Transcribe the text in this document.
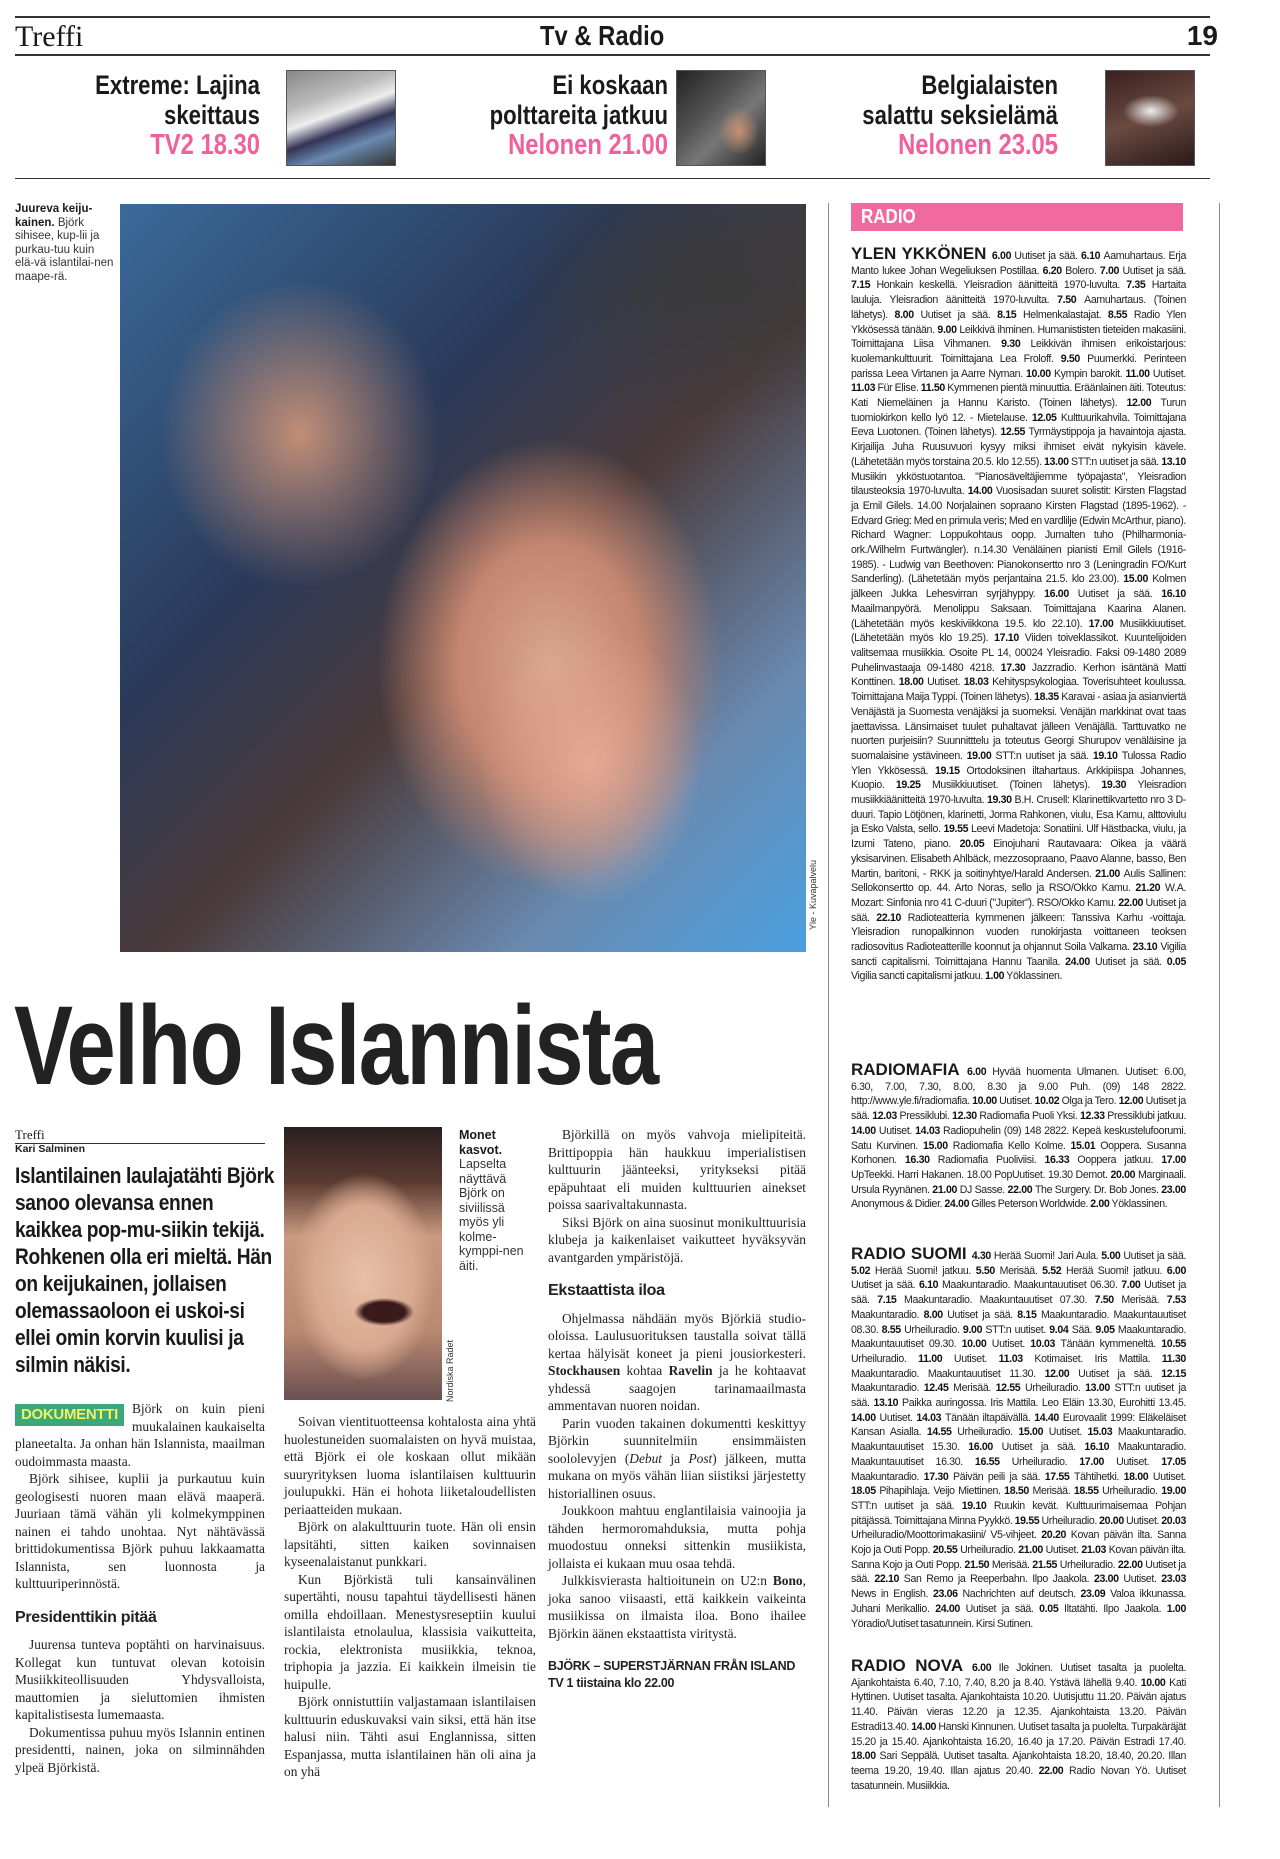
Treffi	Tv & Radio	19
Extreme: Lajina
skeittaus
TV2 18.30
Ei koskaan
polttareita jatkuu
Nelonen 21.00
Belgialaisten
salattu seksielämä
Nelonen 23.05
Juureva keiju-kainen. Björk sihisee, kup-lii ja purkau-tuu kuin elä-vä islantilai-nen maape-rä.
Yle - Kuvapalvelu
Velho Islannista
Treffi
Kari Salminen
Islantilainen laulajatähti Björk sanoo olevansa ennen kaikkea pop-mu-siikin tekijä. Rohkenen olla eri mieltä. Hän on keijukainen, jollaisen olemassaoloon ei uskoi-si ellei omin korvin kuulisi ja silmin näkisi.

DOKUMENTTI	Björk on kuin pieni muukalainen kaukaiselta planeetalta. Ja onhan hän Islannista, maailman oudoimmasta maasta.

Björk sihisee, kuplii ja purkautuu kuin geologisesti nuoren maan elävä maaperä. Juuriaan tämä vähän yli kolmekymppinen nainen ei tahdo unohtaa. Nyt nähtävässä brittidokumentissa Björk puhuu lakkaamatta Islannista, sen luonnosta ja kulttuuriperinnöstä.

Presidenttikin pitää

Juurensa tunteva poptähti on harvinaisuus. Kollegat kun tuntuvat olevan kotoisin Musiikkiteollisuuden Yhdysvalloista, mauttomien ja sieluttomien ihmisten kapitalistisesta lumemaasta.

Dokumentissa puhuu myös Islannin entinen presidentti, nainen, joka on silminnähden ylpeä Björkistä.

Nordiska Radet
Monet kasvot. Lapselta näyttävä Björk on siviilissä myös yli kolme-kymppi-nen äiti.

Soivan vientituotteensa kohtalosta aina yhtä huolestuneiden suomalaisten on hyvä muistaa, että Björk ei ole koskaan ollut mikään suuryrityksen luoma islantilaisen kulttuurin joulupukki. Hän ei hohota liiketaloudellisten periaatteiden mukaan.

Björk on alakulttuurin tuote. Hän oli ensin lapsitähti, sitten kaiken sovinnaisen kyseenalaistanut punkkari.

Kun Björkistä tuli kansainvälinen supertähti, nousu tapahtui täydellisesti hänen omilla ehdoillaan. Menestysreseptiin kuului islantilaista etnolaulua, klassisia vaikutteita, rockia, elektronista musiikkia, teknoa, triphopia ja jazzia. Ei kaikkein ilmeisin tie huipulle.

Björk onnistuttiin valjastamaan islantilaisen kulttuurin eduskuvaksi vain siksi, että hän itse halusi niin. Tähti asui Englannissa, sitten Espanjassa, mutta islantilainen hän oli aina ja on yhä

Björkillä on myös vahvoja mielipiteitä. Brittipoppia hän haukkuu imperialistisen kulttuurin jäänteeksi, yritykseksi pitää epäpuhtaat eli muiden kulttuurien ainekset poissa saarivaltakunnasta.

Siksi Björk on aina suosinut monikulttuurisia klubeja ja kaikenlaiset vaikutteet hyväksyvän avantgarden ympäristöjä.

Ekstaattista iloa

Ohjelmassa nähdään myös Björkiä studio-oloissa. Laulusuorituksen taustalla soivat tällä kertaa hälyisät koneet ja pieni jousiorkesteri. Stockhausen kohtaa Ravelin ja he kohtaavat yhdessä saagojen tarinamaailmasta ammentavan nuoren noidan.

Parin vuoden takainen dokumentti keskittyy Björkin suunnitelmiin ensimmäisten soololevyjen (Debut ja Post) jälkeen, mutta mukana on myös vähän liian siistiksi järjestetty historiallinen osuus.

Joukkoon mahtuu englantilaisia vainoojia ja tähden hermoromahduksia, mutta pohja muodostuu onneksi sittenkin musiikista, jollaista ei kukaan muu osaa tehdä.

Julkkisvierasta haltioitunein on U2:n Bono, joka sanoo viisaasti, että kaikkein vaikeinta musiikissa on ilmaista iloa. Bono ihailee Björkin äänen ekstaattista viritystä.

BJÖRK – SUPERSTJÄRNAN FRÅN ISLAND
TV 1 tiistaina klo 22.00
RADIO
YLEN YKKÖNEN 6.00 Uutiset ja sää. 6.10 Aamuhartaus. Erja Manto lukee Johan Wegeliuksen Postillaa. 6.20 Bolero. 7.00 Uutiset ja sää. 7.15 Honkain keskellä. Yleisradion äänitteitä 1970-luvulta. 7.35 Hartaita lauluja. Yleisradion äänitteitä 1970-luvulta. 7.50 Aamuhartaus. (Toinen lähetys). 8.00 Uutiset ja sää. 8.15 Helmenkalastajat. 8.55 Radio Ylen Ykkösessä tänään. 9.00 Leikkivä ihminen. Humanististen tieteiden makasiini. Toimittajana Liisa Vihmanen. 9.30 Leikkivän ihmisen erikoistarjous: kuolemankulttuurit. Toimittajana Lea Froloff. 9.50 Puumerkki. Perinteen parissa Leea Virtanen ja Aarre Nyman. 10.00 Kympin barokit. 11.00 Uutiset. 11.03 Für Elise. 11.50 Kymmenen pientä minuuttia. Eräänlainen äiti. Toteutus: Kati Niemeläinen ja Hannu Karisto. (Toinen lähetys). 12.00 Turun tuomiokirkon kello lyö 12. - Mietelause. 12.05 Kulttuurikahvila. Toimittajana Eeva Luotonen. (Toinen lähetys). 12.55 Tyrmäystippoja ja havaintoja ajasta. Kirjailija Juha Ruusuvuori kysyy miksi ihmiset eivät nykyisin kävele. (Lähetetään myös torstaina 20.5. klo 12.55). 13.00 STT:n uutiset ja sää. 13.10 Musiikin ykköstuotantoa. "Pianosäveltäjiemme työpajasta", Yleisradion tilausteoksia 1970-luvulta. 14.00 Vuosisadan suuret solistit: Kirsten Flagstad ja Emil Gilels. 14.00 Norjalainen sopraano Kirsten Flagstad (1895-1962). - Edvard Grieg: Med en primula veris; Med en vardlilje (Edwin McArthur, piano). Richard Wagner: Loppukohtaus oopp. Jumalten tuho (Philharmonia-ork./Wilhelm Furtwängler). n.14.30 Venäläinen pianisti Emil Gilels (1916-1985). - Ludwig van Beethoven: Pianokonsertto nro 3 (Leningradin FO/Kurt Sanderling). (Lähetetään myös perjantaina 21.5. klo 23.00). 15.00 Kolmen jälkeen Jukka Lehesvirran syrjähyppy. 16.00 Uutiset ja sää. 16.10 Maailmanpyörä. Menolippu Saksaan. Toimittajana Kaarina Alanen. (Lähetetään myös keskiviikkona 19.5. klo 22.10). 17.00 Musiikkiuutiset. (Lähetetään myös klo 19.25). 17.10 Viiden toiveklassikot. Kuuntelijoiden valitsemaa musiikkia. Osoite PL 14, 00024 Yleisradio. Faksi 09-1480 2089 Puhelinvastaaja 09-1480 4218. 17.30 Jazzradio. Kerhon isäntänä Matti Konttinen. 18.00 Uutiset. 18.03 Kehityspsykologiaa. Toverisuhteet koulussa. Toimittajana Maija Typpi. (Toinen lähetys). 18.35 Karavai - asiaa ja asianviertä Venäjästä ja Suomesta venäjäksi ja suomeksi. Venäjän markkinat ovat taas jaettavissa. Länsimaiset tuulet puhaltavat jälleen Venäjällä. Tarttuvatko ne nuorten purjeisiin? Suunnitttelu ja toteutus Georgi Shurupov venäläisine ja suomalaisine ystävineen. 19.00 STT:n uutiset ja sää. 19.10 Tulossa Radio Ylen Ykkösessä. 19.15 Ortodoksinen iltahartaus. Arkkipiispa Johannes, Kuopio. 19.25 Musiikkiuutiset. (Toinen lähetys). 19.30 Yleisradion musiikkiäänitteitä 1970-luvulta. 19.30 B.H. Crusell: Klarinettikvartetto nro 3 D-duuri. Tapio Lötjönen, klarinetti, Jorma Rahkonen, viulu, Esa Kamu, alttoviulu ja Esko Valsta, sello. 19.55 Leevi Madetoja: Sonatiini. Ulf Hästbacka, viulu, ja Izumi Tateno, piano. 20.05 Einojuhani Rautavaara: Oikea ja väärä yksisarvinen. Elisabeth Ahlbäck, mezzosopraano, Paavo Alanne, basso, Ben Martin, baritoni, - RKK ja soitinyhtye/Harald Andersen. 21.00 Aulis Sallinen: Sellokonsertto op. 44. Arto Noras, sello ja RSO/Okko Kamu. 21.20 W.A. Mozart: Sinfonia nro 41 C-duuri ("Jupiter"). RSO/Okko Kamu. 22.00 Uutiset ja sää. 22.10 Radioteatteria kymmenen jälkeen: Tanssiva Karhu -voittaja. Yleisradion runopalkinnon vuoden runokirjasta voittaneen teoksen radiosovitus Radioteatterille koonnut ja ohjannut Soila Valkama. 23.10 Vigilia sancti capitalismi. Toimittajana Hannu Taanila. 24.00 Uutiset ja sää. 0.05 Vigilia sancti capitalismi jatkuu. 1.00 Yöklassinen.
RADIOMAFIA 6.00 Hyvää huomenta Ulmanen. Uutiset: 6.00, 6.30, 7.00, 7.30, 8.00, 8.30 ja 9.00 Puh. (09) 148 2822. http://www.yle.fi/radiomafia. 10.00 Uutiset. 10.02 Olga ja Tero. 12.00 Uutiset ja sää. 12.03 Pressiklubi. 12.30 Radiomafia Puoli Yksi. 12.33 Pressiklubi jatkuu. 14.00 Uutiset. 14.03 Radiopuhelin (09) 148 2822. Kepeä keskustelufoorumi. Satu Kurvinen. 15.00 Radiomafia Kello Kolme. 15.01 Ooppera. Susanna Korhonen. 16.30 Radiomafia Puoliviisi. 16.33 Ooppera jatkuu. 17.00 UpTeekki. Harri Hakanen. 18.00 PopUutiset. 19.30 Demot. 20.00 Marginaali. Ursula Ryynänen. 21.00 DJ Sasse. 22.00 The Surgery. Dr. Bob Jones. 23.00 Anonymous & Didier. 24.00 Gilles Peterson Worldwide. 2.00 Yöklassinen.
RADIO SUOMI 4.30 Herää Suomi! Jari Aula. 5.00 Uutiset ja sää. 5.02 Herää Suomi! jatkuu. 5.50 Merisää. 5.52 Herää Suomi! jatkuu. 6.00 Uutiset ja sää. 6.10 Maakuntaradio. Maakuntauutiset 06.30. 7.00 Uutiset ja sää. 7.15 Maakuntaradio. Maakuntauutiset 07.30. 7.50 Merisää. 7.53 Maakuntaradio. 8.00 Uutiset ja sää. 8.15 Maakuntaradio. Maakuntauutiset 08.30. 8.55 Urheiluradio. 9.00 STT:n uutiset. 9.04 Sää. 9.05 Maakuntaradio. Maakuntauutiset 09.30. 10.00 Uutiset. 10.03 Tänään kymmeneltä. 10.55 Urheiluradio. 11.00 Uutiset. 11.03 Kotimaiset. Iris Mattila. 11.30 Maakuntaradio. Maakuntauutiset 11.30. 12.00 Uutiset ja sää. 12.15 Maakuntaradio. 12.45 Merisää. 12.55 Urheiluradio. 13.00 STT:n uutiset ja sää. 13.10 Paikka auringossa. Iris Mattila. Leo Eläin 13.30, Eurohitti 13.45. 14.00 Uutiset. 14.03 Tänään iltapäivällä. 14.40 Eurovaalit 1999: Eläkeläiset Kansan Asialla. 14.55 Urheiluradio. 15.00 Uutiset. 15.03 Maakuntaradio. Maakuntauutiset 15.30. 16.00 Uutiset ja sää. 16.10 Maakuntaradio. Maakuntauutiset 16.30. 16.55 Urheiluradio. 17.00 Uutiset. 17.05 Maakuntaradio. 17.30 Päivän peili ja sää. 17.55 Tähtihetki. 18.00 Uutiset. 18.05 Pihapihlaja. Veijo Miettinen. 18.50 Merisää. 18.55 Urheiluradio. 19.00 STT:n uutiset ja sää. 19.10 Ruukin kevät. Kulttuurimaisemaa Pohjan pitäjässä. Toimittajana Minna Pyykkö. 19.55 Urheiluradio. 20.00 Uutiset. 20.03 Urheiluradio/Moottorimakasiini/ V5-vihjeet. 20.20 Kovan päivän ilta. Sanna Kojo ja Outi Popp. 20.55 Urheiluradio. 21.00 Uutiset. 21.03 Kovan päivän ilta. Sanna Kojo ja Outi Popp. 21.50 Merisää. 21.55 Urheiluradio. 22.00 Uutiset ja sää. 22.10 San Remo ja Reeperbahn. Ilpo Jaakola. 23.00 Uutiset. 23.03 News in English. 23.06 Nachrichten auf deutsch. 23.09 Valoa ikkunassa. Juhani Merikallio. 24.00 Uutiset ja sää. 0.05 Iltatähti. Ilpo Jaakola. 1.00 Yöradio/Uutiset tasatunnein. Kirsi Sutinen.
RADIO NOVA 6.00 Ile Jokinen. Uutiset tasalta ja puolelta. Ajankohtaista 6.40, 7.10, 7.40, 8.20 ja 8.40. Ystävä lähellä 9.40. 10.00 Kati Hyttinen. Uutiset tasalta. Ajankohtaista 10.20. Uutisjuttu 11.20. Päivän ajatus 11.40. Päivän vieras 12.20 ja 12.35. Ajankohtaista 13.20. Päivän Estradi13.40. 14.00 Hanski Kinnunen. Uutiset tasalta ja puolelta. Turpakäräjät 15.20 ja 15.40. Ajankohtaista 16.20, 16.40 ja 17.20. Päivän Estradi 17.40. 18.00 Sari Seppälä. Uutiset tasalta. Ajankohtaista 18.20, 18.40, 20.20. Illan teema 19.20, 19.40. Illan ajatus 20.40. 22.00 Radio Novan Yö. Uutiset tasatunnein. Musiikkia.
